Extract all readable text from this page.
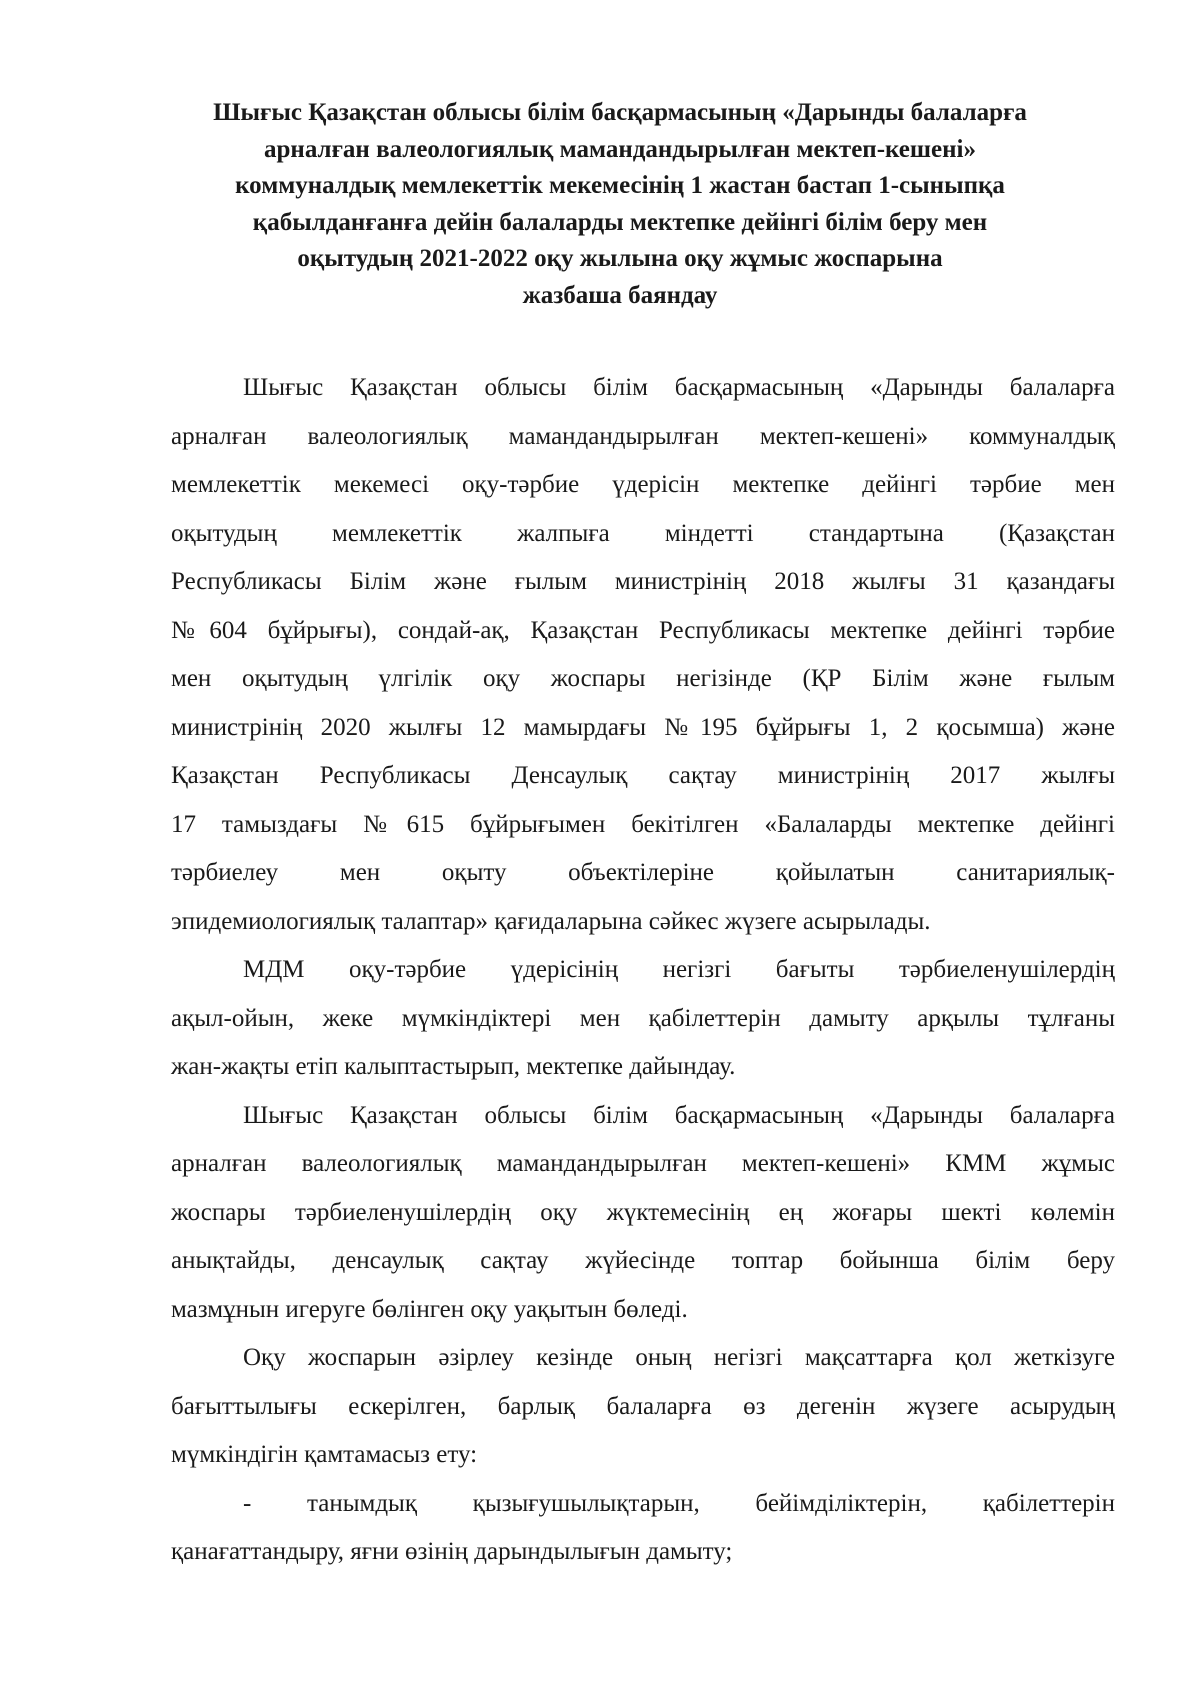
Шығыс Қазақстан облысы білім басқармасының «Дарынды балаларға
арналған валеологиялық мамандандырылған мектеп-кешені»
коммуналдық мемлекеттік мекемесінің 1 жастан бастап 1-сыныпқа
қабылданғанға дейін балаларды мектепке дейінгі білім беру мен
оқытудың 2021-2022 оқу жылына оқу жұмыс жоспарына
жазбаша баяндау
Шығыс Қазақстан облысы білім басқармасының «Дарынды балаларға
арналған валеологиялық мамандандырылған мектеп-кешені» коммуналдық
мемлекеттік мекемесі оқу-тәрбие үдерісін мектепке дейінгі тәрбие мен
оқытудың мемлекеттік жалпыға міндетті стандартына (Қазақстан
Республикасы Білім және ғылым министрінің 2018 жылғы 31 қазандағы
№604 бұйрығы), сондай-ақ, Қазақстан Республикасы мектепке дейінгі тәрбие
мен оқытудың үлгілік оқу жоспары негізінде (ҚР Білім және ғылым
министрінің 2020 жылғы 12 мамырдағы №195 бұйрығы 1, 2 қосымша) және
Қазақстан Республикасы Денсаулық сақтау министрінің 2017 жылғы
17 тамыздағы №615 бұйрығымен бекітілген «Балаларды мектепке дейінгі
тәрбиелеу мен оқыту объектілеріне қойылатын санитариялық-
эпидемиологиялық талаптар» қағидаларына сәйкес жүзеге асырылады.
МДМ оқу-тәрбие үдерісінің негізгі бағыты тәрбиеленушілердің
ақыл-ойын, жеке мүмкіндіктері мен қабілеттерін дамыту арқылы тұлғаны
жан-жақты етіп калыптастырып, мектепке дайындау.
Шығыс Қазақстан облысы білім басқармасының «Дарынды балаларға
арналған валеологиялық мамандандырылған мектеп-кешені» КММ жұмыс
жоспары тәрбиеленушілердің оқу жүктемесінің ең жоғары шекті көлемін
анықтайды, денсаулық сақтау жүйесінде топтар бойынша білім беру
мазмұнын игеруге бөлінген оқу уақытын бөледі.
Оқу жоспарын әзірлеу кезінде оның негізгі мақсаттарға қол жеткізуге
бағыттылығы ескерілген, барлық балаларға өз дегенін жүзеге асырудың
мүмкіндігін қамтамасыз ету:
- танымдық қызығушылықтарын, бейімділіктерін, қабілеттерін
қанағаттандыру, яғни өзінің дарындылығын дамыту;
